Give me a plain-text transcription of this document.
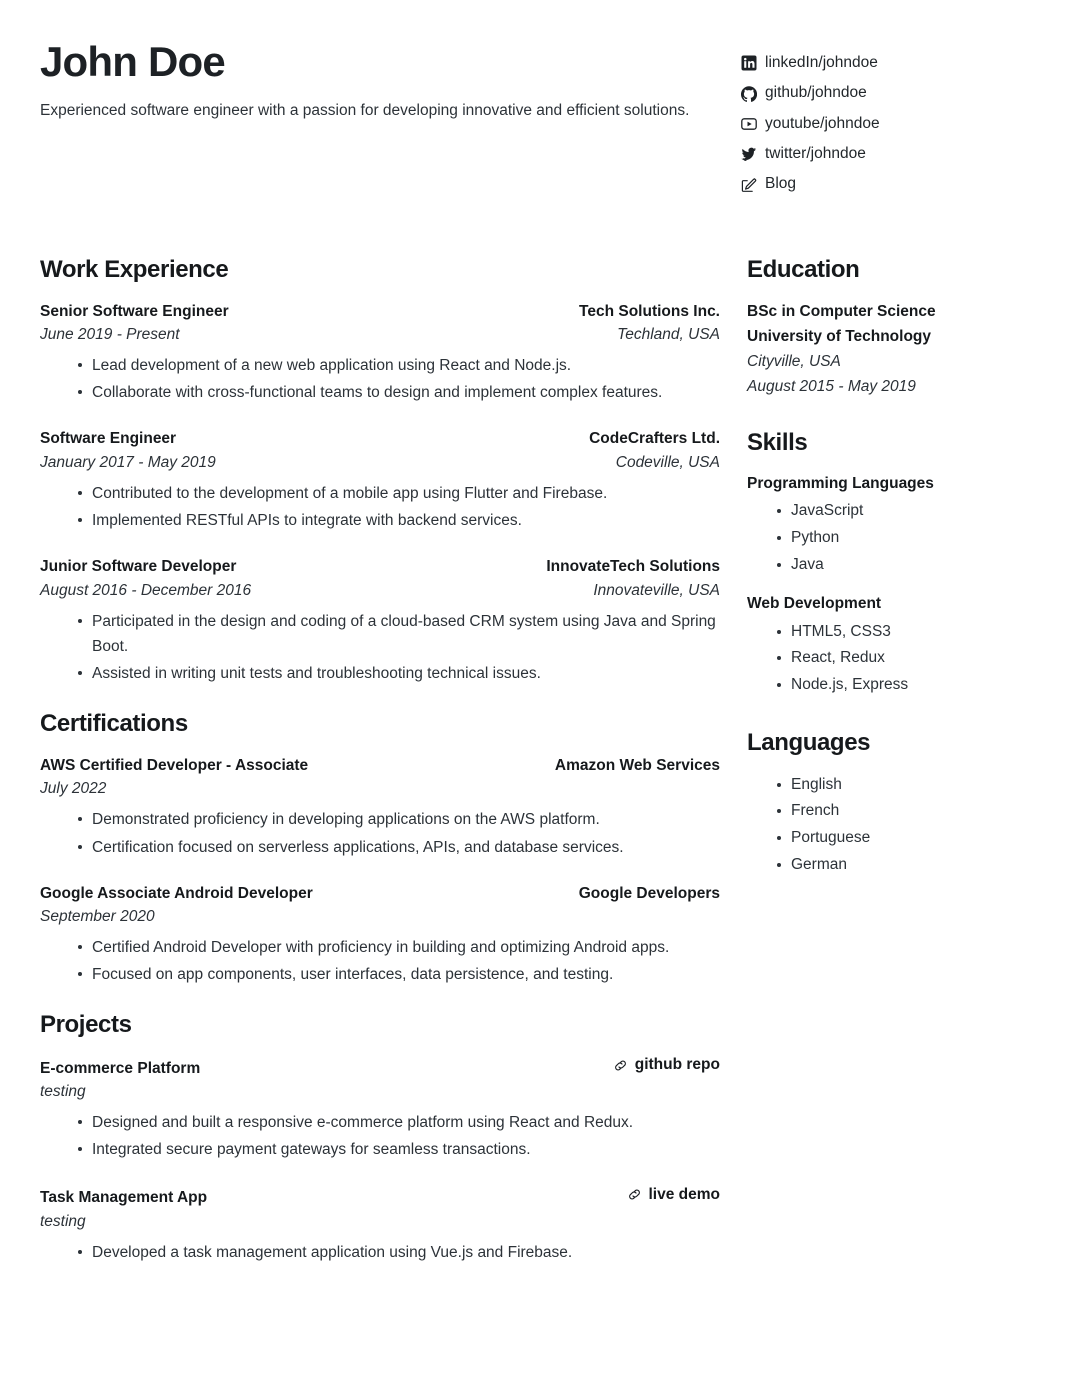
John Doe

Experienced software engineer with a passion for developing innovative and efficient solutions.

linkedIn/johndoe
github/johndoe
youtube/johndoe
twitter/johndoe
Blog
Work Experience
Senior Software Engineer	Tech Solutions Inc.
June 2019 - Present	Techland, USA
Lead development of a new web application using React and Node.js.
Collaborate with cross-functional teams to design and implement complex features.
Software Engineer	CodeCrafters Ltd.
January 2017 - May 2019	Codeville, USA
Contributed to the development of a mobile app using Flutter and Firebase.
Implemented RESTful APIs to integrate with backend services.
Junior Software Developer	InnovateTech Solutions
August 2016 - December 2016	Innovateville, USA
Participated in the design and coding of a cloud-based CRM system using Java and Spring Boot.
Assisted in writing unit tests and troubleshooting technical issues.
Certifications
AWS Certified Developer - Associate	Amazon Web Services
July 2022
Demonstrated proficiency in developing applications on the AWS platform.
Certification focused on serverless applications, APIs, and database services.
Google Associate Android Developer	Google Developers
September 2020
Certified Android Developer with proficiency in building and optimizing Android apps.
Focused on app components, user interfaces, data persistence, and testing.
Projects
E-commerce Platform	github repo
testing
Designed and built a responsive e-commerce platform using React and Redux.
Integrated secure payment gateways for seamless transactions.
Task Management App	live demo
testing
Developed a task management application using Vue.js and Firebase.
Education
BSc in Computer Science
University of Technology
Cityville, USA
August 2015 - May 2019
Skills
Programming Languages
JavaScript
Python
Java
Web Development
HTML5, CSS3
React, Redux
Node.js, Express
Languages
English
French
Portuguese
German
